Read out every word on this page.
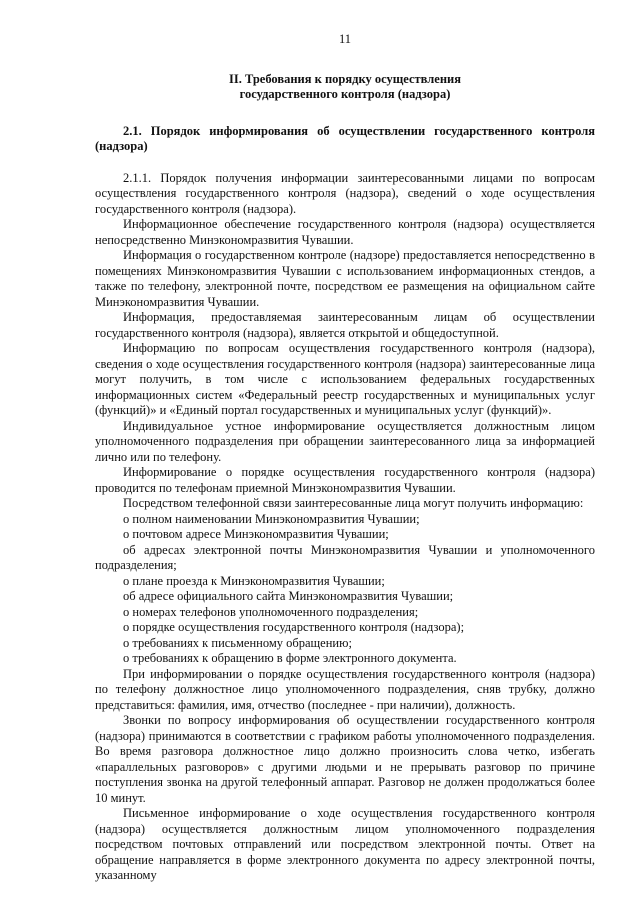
11
II. Требования к порядку осуществления
государственного контроля (надзора)
2.1. Порядок информирования об осуществлении государственного контроля (надзора)

2.1.1. Порядок получения информации заинтересованными лицами по вопросам осуществления государственного контроля (надзора), сведений о ходе осуществления государственного контроля (надзора).

Информационное обеспечение государственного контроля (надзора) осуществляется непосредственно Минэкономразвития Чувашии.

Информация о государственном контроле (надзоре) предоставляется непосредственно в помещениях Минэкономразвития Чувашии с использованием информационных стендов, а также по телефону, электронной почте, посредством ее размещения на официальном сайте Минэкономразвития Чувашии.

Информация, предоставляемая заинтересованным лицам об осуществлении государственного контроля (надзора), является открытой и общедоступной.

Информацию по вопросам осуществления государственного контроля (надзора), сведения о ходе осуществления государственного контроля (надзора) заинтересованные лица могут получить, в том числе с использованием федеральных государственных информационных систем «Федеральный реестр государственных и муниципальных услуг (функций)» и «Единый портал государственных и муниципальных услуг (функций)».

Индивидуальное устное информирование осуществляется должностным лицом уполномоченного подразделения при обращении заинтересованного лица за информацией лично или по телефону.

Информирование о порядке осуществления государственного контроля (надзора) проводится по телефонам приемной Минэкономразвития Чувашии.

Посредством телефонной связи заинтересованные лица могут получить информацию:

о полном наименовании Минэкономразвития Чувашии;

о почтовом адресе Минэкономразвития Чувашии;

об адресах электронной почты Минэкономразвития Чувашии и уполномоченного подразделения;

о плане проезда к Минэкономразвития Чувашии;

об адресе официального сайта Минэкономразвития Чувашии;

о номерах телефонов уполномоченного подразделения;

о порядке осуществления государственного контроля (надзора);

о требованиях к письменному обращению;

о требованиях к обращению в форме электронного документа.

При информировании о порядке осуществления государственного контроля (надзора) по телефону должностное лицо уполномоченного подразделения, сняв трубку, должно представиться: фамилия, имя, отчество (последнее - при наличии), должность.

Звонки по вопросу информирования об осуществлении государственного контроля (надзора) принимаются в соответствии с графиком работы уполномоченного подразделения. Во время разговора должностное лицо должно произносить слова четко, избегать «параллельных разговоров» с другими людьми и не прерывать разговор по причине поступления звонка на другой телефонный аппарат. Разговор не должен продолжаться более 10 минут.

Письменное информирование о ходе осуществления государственного контроля (надзора) осуществляется должностным лицом уполномоченного подразделения посредством почтовых отправлений или посредством электронной почты. Ответ на обращение направляется в форме электронного документа по адресу электронной почты, указанному
